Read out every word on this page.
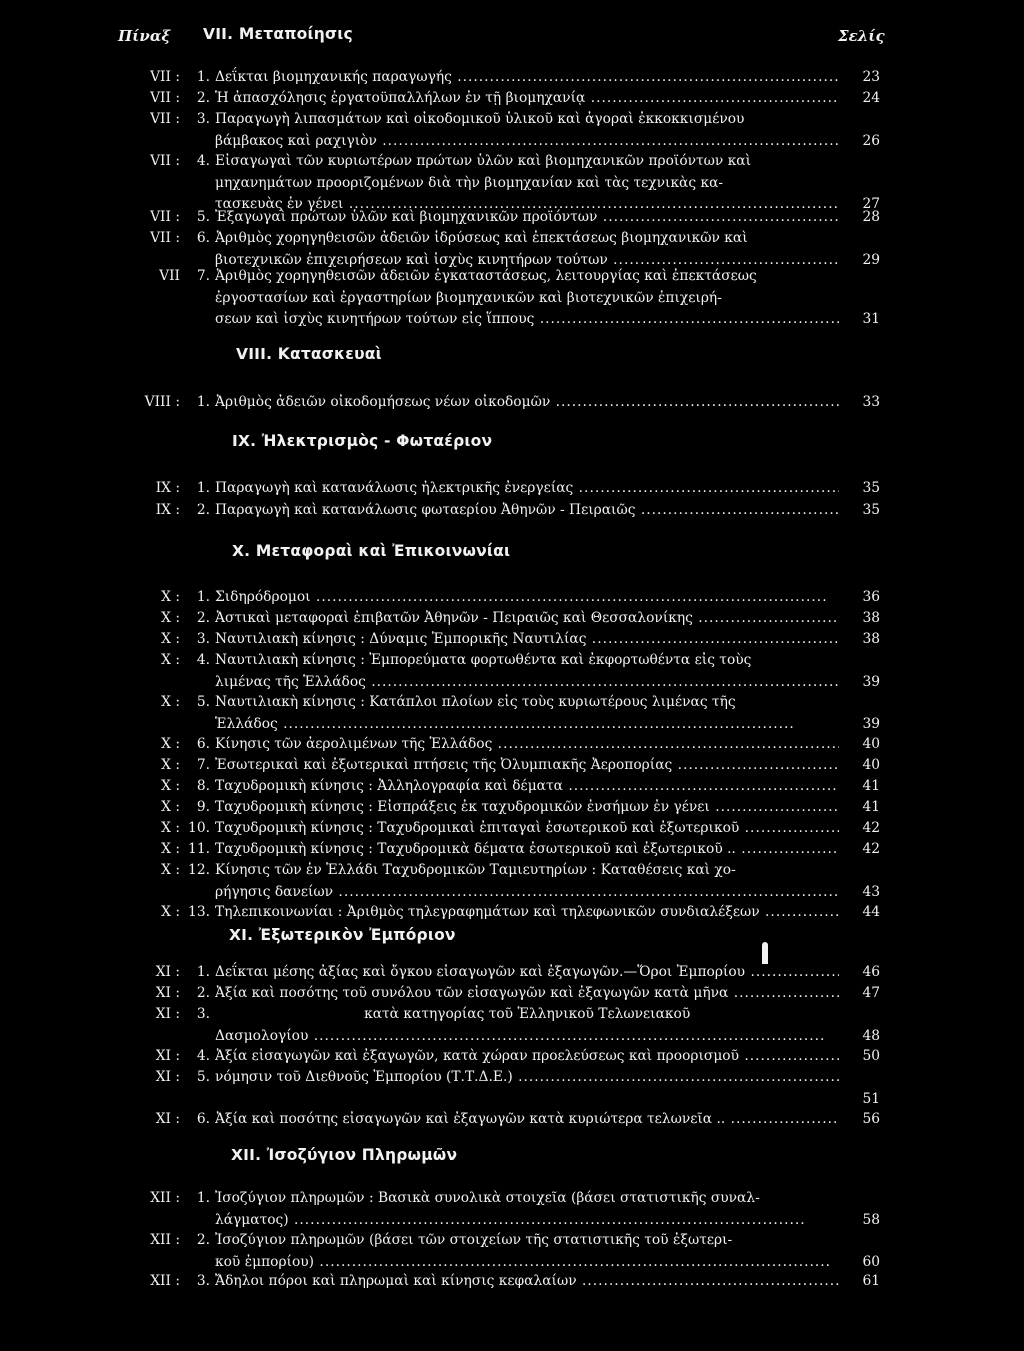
Πίναξ VII. Μεταποίησις	Σελίς
VII :	1. Δεΐκται βιομηχανικής παραγωγής .....	23
VII :	2. Ἡ ἀπασχόλησις ἐργατοϋπαλλήλων ἐν τῇ βιομηχανίᾳ .....	24
VII :	3. Παραγωγὴ λιπασμάτων καὶ οἰκοδομικοῦ ὑλικοῦ καὶ ἀγοραὶ ἐκκοκκισμένου
βάμβακος καὶ ραχιγιὸν .....	26
VII :	4. Εἰσαγωγαὶ τῶν κυριωτέρων πρώτων ὑλῶν καὶ βιομηχανικῶν προϊόντων καὶ
μηχανημάτων προοριζομένων διὰ τὴν βιομηχανίαν καὶ τὰς τεχνικὰς κα-
τασκευὰς ἐν γένει .....	27
VII :	5. Ἐξαγωγαὶ πρώτων ὑλῶν καὶ βιομηχανικῶν προϊόντων .....	28
VII :	6. Ἀριθμὸς χορηγηθεισῶν ἀδειῶν ἱδρύσεως καὶ ἐπεκτάσεως βιομηχανικῶν καὶ
βιοτεχνικῶν ἐπιχειρήσεων καὶ ἰσχὺς κινητήρων τούτων .....	29
VII	7. Ἀριθμὸς χορηγηθεισῶν ἀδειῶν ἐγκαταστάσεως, λειτουργίας καὶ ἐπεκτάσεως
ἐργοστασίων καὶ ἐργαστηρίων βιομηχανικῶν καὶ βιοτεχνικῶν ἐπιχειρή-
σεων καὶ ἰσχὺς κινητήρων τούτων εἰς ἵππους .....	31
VIII. Κατασκευαὶ
VIII :	1. Ἀριθμὸς ἀδειῶν οἰκοδομήσεως νέων οἰκοδομῶν .....	33
IX. Ἠλεκτρισμὸς - Φωταέριον
IX :	1. Παραγωγὴ καὶ κατανάλωσις ἠλεκτρικῆς ἐνεργείας .....	35
IX :	2. Παραγωγὴ καὶ κατανάλωσις φωταερίου Ἀθηνῶν - Πειραιῶς .....	35
X. Μεταφοραὶ καὶ Ἐπικοινωνίαι
X :	1. Σιδηρόδρομοι .....	36
X :	2. Ἀστικαὶ μεταφοραὶ ἐπιβατῶν Ἀθηνῶν - Πειραιῶς καὶ Θεσσαλονίκης .....	38
X :	3. Ναυτιλιακὴ κίνησις : Δύναμις Ἐμπορικῆς Ναυτιλίας .....	38
X :	4. Ναυτιλιακὴ κίνησις : Ἐμπορεύματα φορτωθέντα καὶ ἐκφορτωθέντα εἰς τοὺς
λιμένας τῆς Ἑλλάδος .....	39
X :	5. Ναυτιλιακὴ κίνησις : Κατάπλοι πλοίων εἰς τοὺς κυριωτέρους λιμένας τῆς
Ἑλλάδος .....	39
X :	6. Κίνησις τῶν ἀερολιμένων τῆς Ἑλλάδος .....	40
X :	7. Ἐσωτερικαὶ καὶ ἐξωτερικαὶ πτήσεις τῆς Ὀλυμπιακῆς Ἀεροπορίας .....	40
X :	8. Ταχυδρομικὴ κίνησις : Ἀλληλογραφία καὶ δέματα .....	41
X :	9. Ταχυδρομικὴ κίνησις : Εἰσπράξεις ἐκ ταχυδρομικῶν ἐνσήμων ἐν γένει .....	41
X : 10. Ταχυδρομικὴ κίνησις : Ταχυδρομικαὶ ἐπιταγαὶ ἐσωτερικοῦ καὶ ἐξωτερικοῦ .....	42
X : 11. Ταχυδρομικὴ κίνησις : Ταχυδρομικὰ δέματα ἐσωτερικοῦ καὶ ἐξωτερικοῦ .. .....	42
X : 12. Κίνησις τῶν ἐν Ἑλλάδι Ταχυδρομικῶν Ταμιευτηρίων : Καταθέσεις καὶ χο-
ρήγησις δανείων .....	43
X : 13. Τηλεπικοινωνίαι : Ἀριθμὸς τηλεγραφημάτων καὶ τηλεφωνικῶν συνδιαλέξεων .....	44
XI. Ἐξωτερικὸν Ἐμπόριον
XI :	1. Δεΐκται μέσης ἀξίας καὶ ὄγκου εἰσαγωγῶν καὶ ἐξαγωγῶν.—Ὅροι Ἐμπορίου .....	46
XI :	2. Ἀξία καὶ ποσότης τοῦ συνόλου τῶν εἰσαγωγῶν καὶ ἐξαγωγῶν κατὰ μῆνα .....	47
XI :	3. κατὰ κατηγορίας τοῦ Ἑλληνικοῦ Τελωνειακοῦ
Δασμολογίου .....	48
XI :	4. Ἀξία εἰσαγωγῶν καὶ ἐξαγωγῶν, κατὰ χώραν προελεύσεως καὶ προορισμοῦ .....	50
XI :	5. νόμησιν τοῦ Διεθνοῦς Ἐμπορίου (Τ.Τ.Δ.Ε.) .....
51
XI :	6. Ἀξία καὶ ποσότης εἰσαγωγῶν καὶ ἐξαγωγῶν κατὰ κυριώτερα τελωνεῖα .. .....	56
XII. Ἰσοζύγιον Πληρωμῶν
XII :	1. Ἰσοζύγιον πληρωμῶν : Βασικὰ συνολικὰ στοιχεῖα (βάσει στατιστικῆς συναλ-
λάγματος) .....	58
XII :	2. Ἰσοζύγιον πληρωμῶν (βάσει τῶν στοιχείων τῆς στατιστικῆς τοῦ ἐξωτερι-
κοῦ ἐμπορίου) .....	60
XII :	3. Ἄδηλοι πόροι καὶ πληρωμαὶ καὶ κίνησις κεφαλαίων .....	61
